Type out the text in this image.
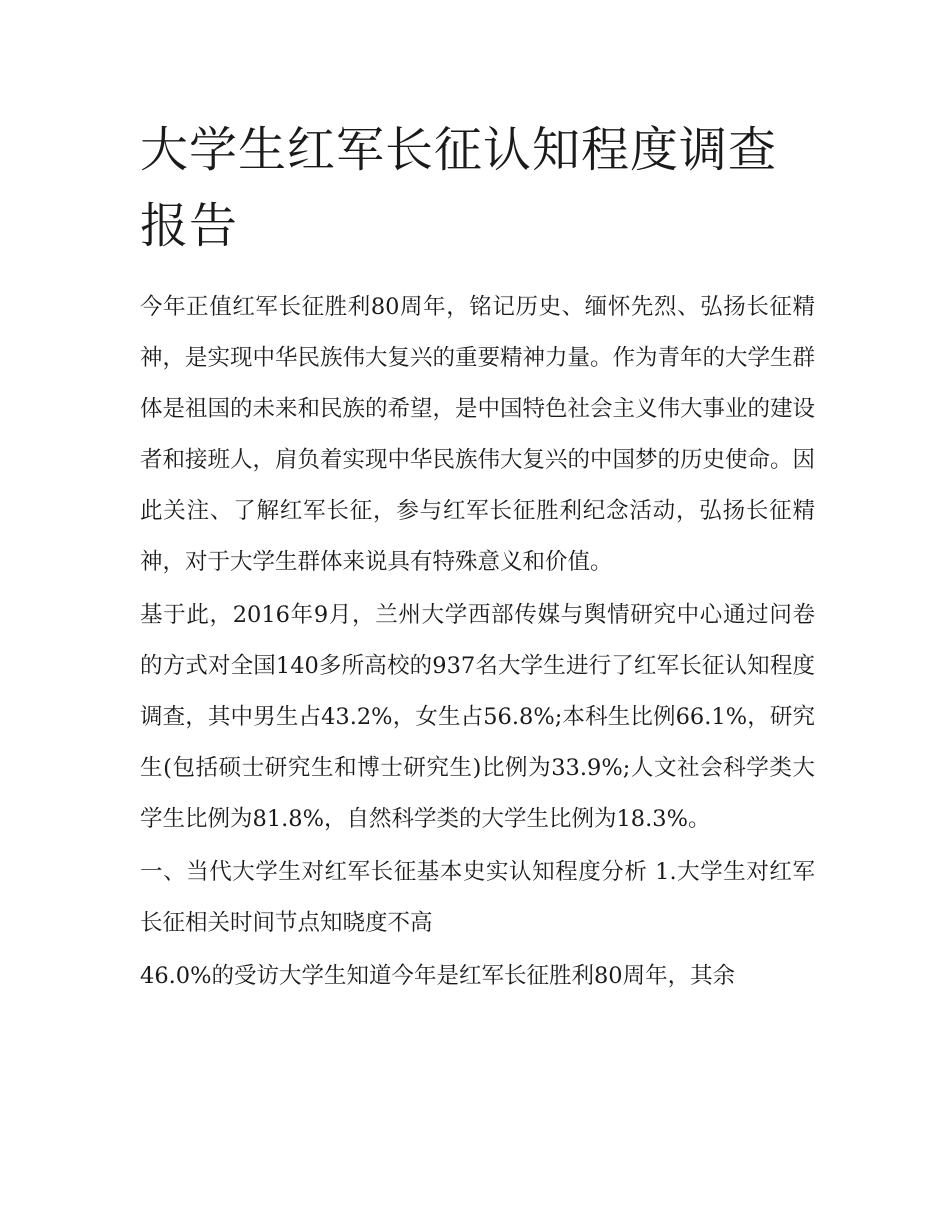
大学生红军长征认知程度调查报告

今年正值红军长征胜利80周年，铭记历史、缅怀先烈、弘扬长征精神，是实现中华民族伟大复兴的重要精神力量。作为青年的大学生群体是祖国的未来和民族的希望，是中国特色社会主义伟大事业的建设者和接班人，肩负着实现中华民族伟大复兴的中国梦的历史使命。因此关注、了解红军长征，参与红军长征胜利纪念活动，弘扬长征精神，对于大学生群体来说具有特殊意义和价值。

基于此，2016年9月，兰州大学西部传媒与舆情研究中心通过问卷的方式对全国140多所高校的937名大学生进行了红军长征认知程度调查，其中男生占43.2%，女生占56.8%;本科生比例66.1%，研究生(包括硕士研究生和博士研究生)比例为33.9%;人文社会科学类大学生比例为81.8%，自然科学类的大学生比例为18.3%。

一、当代大学生对红军长征基本史实认知程度分析 1.大学生对红军长征相关时间节点知晓度不高

46.0%的受访大学生知道今年是红军长征胜利80周年，其余
